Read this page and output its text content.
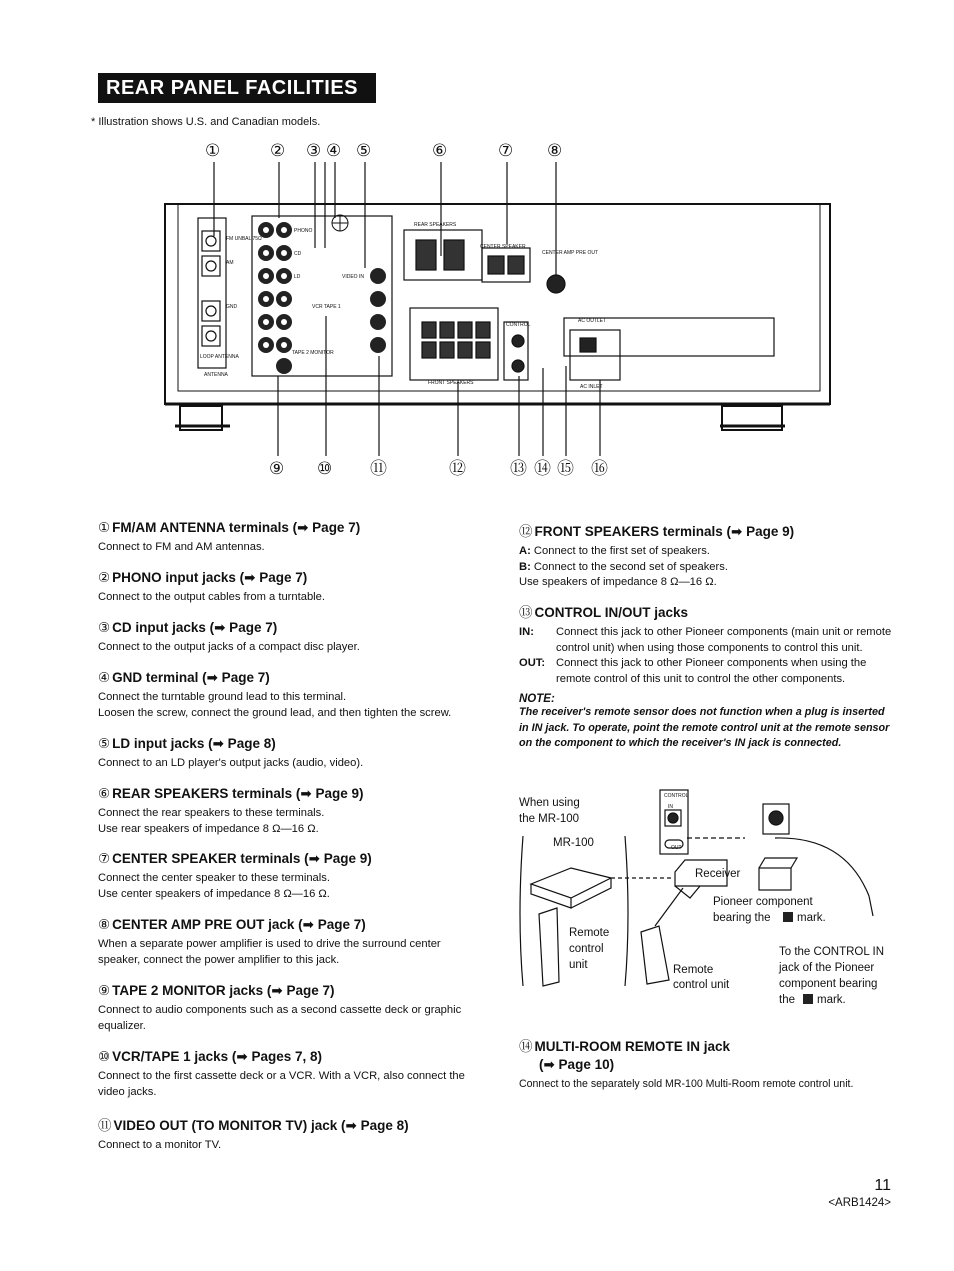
REAR PANEL FACILITIES
* Illustration shows U.S. and Canadian models.
①	② ③ ④ ⑤	⑥	⑦ ⑧
PHONO
CD
LD	VIDEO IN
VCR TAPE 1
TAPE 2 MONITOR
FM UNBAL 75Ω
AM
GND
LOOP ANTENNA
ANTENNA
REAR SPEAKERS
CENTER SPEAKER
CENTER AMP PRE OUT
FRONT SPEAKERS
CONTROL
AC OUTLET
AC INLET
⑨ ⑩ ⑪	⑫	⑬ ⑭ ⑮ ⑯
① FM/AM ANTENNA terminals (➡ Page 7)
Connect to FM and AM antennas.
② PHONO input jacks (➡ Page 7)
Connect to the output cables from a turntable.
③ CD input jacks (➡ Page 7)
Connect to the output jacks of a compact disc player.
④ GND terminal (➡ Page 7)
Connect the turntable ground lead to this terminal.
Loosen the screw, connect the ground lead, and then tighten the screw.
⑤ LD input jacks (➡ Page 8)
Connect to an LD player's output jacks (audio, video).
⑥ REAR SPEAKERS terminals (➡ Page 9)
Connect the rear speakers to these terminals.
Use rear speakers of impedance 8 Ω—16 Ω.
⑦ CENTER SPEAKER terminals (➡ Page 9)
Connect the center speaker to these terminals.
Use center speakers of impedance 8 Ω—16 Ω.
⑧ CENTER AMP PRE OUT jack (➡ Page 7)
When a separate power amplifier is used to drive the surround center speaker, connect the power amplifier to this jack.
⑨ TAPE 2 MONITOR jacks (➡ Page 7)
Connect to audio components such as a second cassette deck or graphic equalizer.
⑩ VCR/TAPE 1 jacks (➡ Pages 7, 8)
Connect to the first cassette deck or a VCR. With a VCR, also connect the video jacks.
⑪ VIDEO OUT (TO MONITOR TV) jack (➡ Page 8)
Connect to a monitor TV.
⑫ FRONT SPEAKERS terminals (➡ Page 9)
A: Connect to the first set of speakers.
B: Connect to the second set of speakers.
Use speakers of impedance 8 Ω—16 Ω.
⑬ CONTROL IN/OUT jacks
IN:	Connect this jack to other Pioneer components (main unit or remote control unit) when using those components to control this unit.
OUT: Connect this jack to other Pioneer components when using the remote control of this unit to control the other components.
NOTE:
The receiver's remote sensor does not function when a plug is inserted in IN jack. To operate, point the remote control unit at the remote sensor on the component to which the receiver's IN jack is connected.
When using
the MR-100
MR-100
Remote
control
unit
Receiver
Pioneer component
bearing the mark.
Remote
control unit
To the CONTROL IN
jack of the Pioneer
component bearing
the mark.
CONTROL
IN
OUT
⑭ MULTI-ROOM REMOTE IN jack
(➡ Page 10)
Connect to the separately sold MR-100 Multi-Room remote control unit.
11
<ARB1424>
